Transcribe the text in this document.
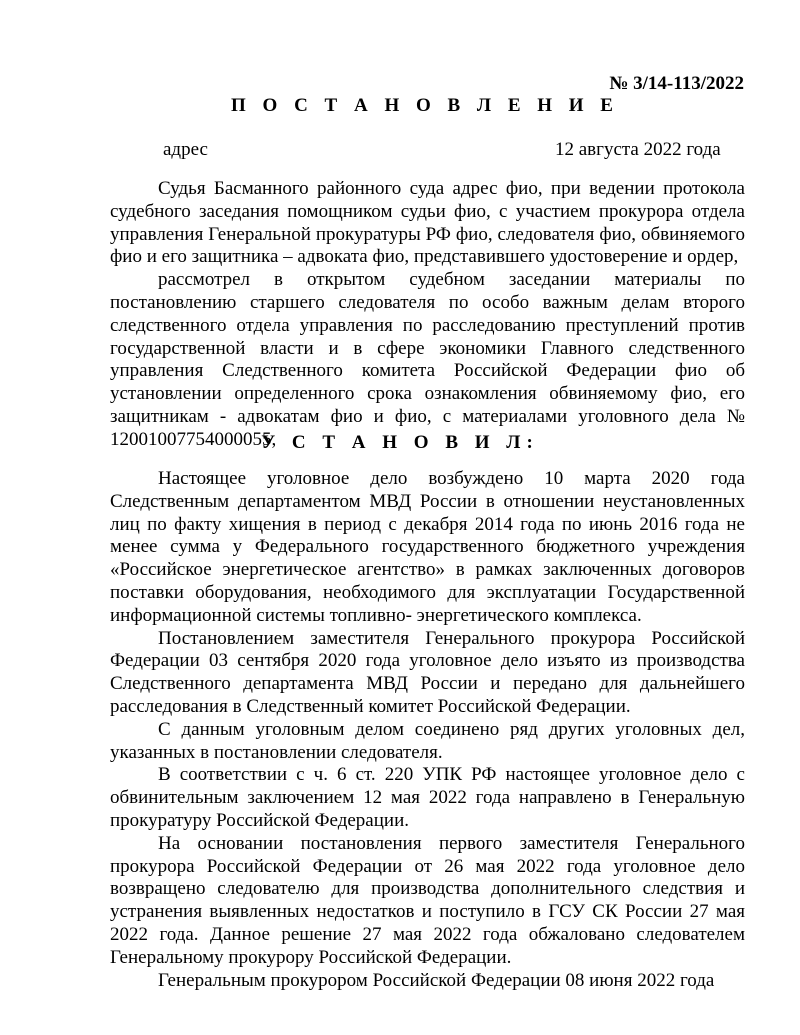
№ 3/14-113/2022
П О С Т А Н О В Л Е Н И Е
адрес	12 августа 2022 года

Судья Басманного районного суда адрес фио, при ведении протокола судебного заседания помощником судьи фио, с участием прокурора отдела управления Генеральной прокуратуры РФ фио, следователя фио, обвиняемого фио и его защитника – адвоката фио, представившего удостоверение и ордер,

рассмотрел в открытом судебном заседании материалы по постановлению старшего следователя по особо важным делам второго следственного отдела управления по расследованию преступлений против государственной власти и в сфере экономики Главного следственного управления Следственного комитета Российской Федерации фио об установлении определенного срока ознакомления обвиняемому фио, его защитникам - адвокатам фио и фио, с материалами уголовного дела № 12001007754000055,

У С Т А Н О В И Л:

Настоящее уголовное дело возбуждено 10 марта 2020 года Следственным департаментом МВД России в отношении неустановленных лиц по факту хищения в период с декабря 2014 года по июнь 2016 года не менее сумма у Федерального государственного бюджетного учреждения «Российское энергетическое агентство» в рамках заключенных договоров поставки оборудования, необходимого для эксплуатации Государственной информационной системы топливно- энергетического комплекса.

Постановлением заместителя Генерального прокурора Российской Федерации 03 сентября 2020 года уголовное дело изъято из производства Следственного департамента МВД России и передано для дальнейшего расследования в Следственный комитет Российской Федерации.

С данным уголовным делом соединено ряд других уголовных дел, указанных в постановлении следователя.

В соответствии с ч. 6 ст. 220 УПК РФ настоящее уголовное дело с обвинительным заключением 12 мая 2022 года направлено в Генеральную прокуратуру Российской Федерации.

На основании постановления первого заместителя Генерального прокурора Российской Федерации от 26 мая 2022 года уголовное дело возвращено следователю для производства дополнительного следствия и устранения выявленных недостатков и поступило в ГСУ СК России 27 мая 2022 года. Данное решение 27 мая 2022 года обжаловано следователем Генеральному прокурору Российской Федерации.

Генеральным прокурором Российской Федерации 08 июня 2022 года
